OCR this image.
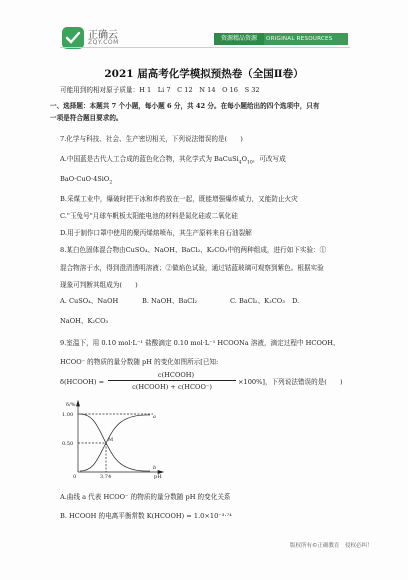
正确云
ZQY.COM
资源精品资源	ORIGINAL RESOURCES
2021 届高考化学模拟预热卷（全国Ⅱ卷）
可能用到的相对原子质量：H 1　Li 7　C 12　N 14　O 16　S 32
一、选择题：本题共 7 个小题，每小题 6 分，共 42 分。在每小题给出的四个选项中，只有
一项是符合题目要求的。
7.化学与科技、社会、生产密切相关，下列说法错误的是(　　)
A.中国蓝是古代人工合成的蓝色化合物，其化学式为 $BaCuSi_4O_{10}$，可改写成
BaO·CuO·4SiO$_2$
B.采煤工业中，爆破时把干冰和炸药放在一起，既能增强爆炸威力，又能防止火灾
C."玉兔号"月球车帆板太阳能电池的材料是氮化硅或二氧化硅
D.用于制作口罩中使用的聚丙烯熔喷布，其生产原料来自石油裂解
8.某白色固体混合物由CuSO₄、NaOH、BaCl₂、K₂CO₃中的两种组成，进行如下实验：①
混合物溶于水，得到澄清透明溶液；②做焰色试验，通过钴蓝玻璃可观察到紫色。根据实验
现象可判断其组成为(　　)
A. CuSO₄、NaOH	B. NaOH、BaCl₂	C. BaCl₂、K₂CO₃ D.
NaOH、K₂CO₃
9.室温下，用 0.10 mol·L⁻¹ 盐酸滴定 0.10 mol·L⁻¹ HCOONa 溶液，滴定过程中 HCOOH、
HCOO⁻ 的物质的量分数随 pH 的变化如图所示[已知:
δ(HCOOH) =
c(HCOOH)
c(HCOOH) + c(HCOO⁻)
×100%]，下列说法错误的是(　　)
δ/%
1.00
0.50
0	3.74	pH
M
a
b
A.曲线 a 代表 HCOO⁻ 的物质的量分数随 pH 的变化关系
B. HCOOH 的电离平衡常数 K(HCOOH) = 1.0×10⁻³·⁷⁴
版权所有©正确教育　侵权必纠！
